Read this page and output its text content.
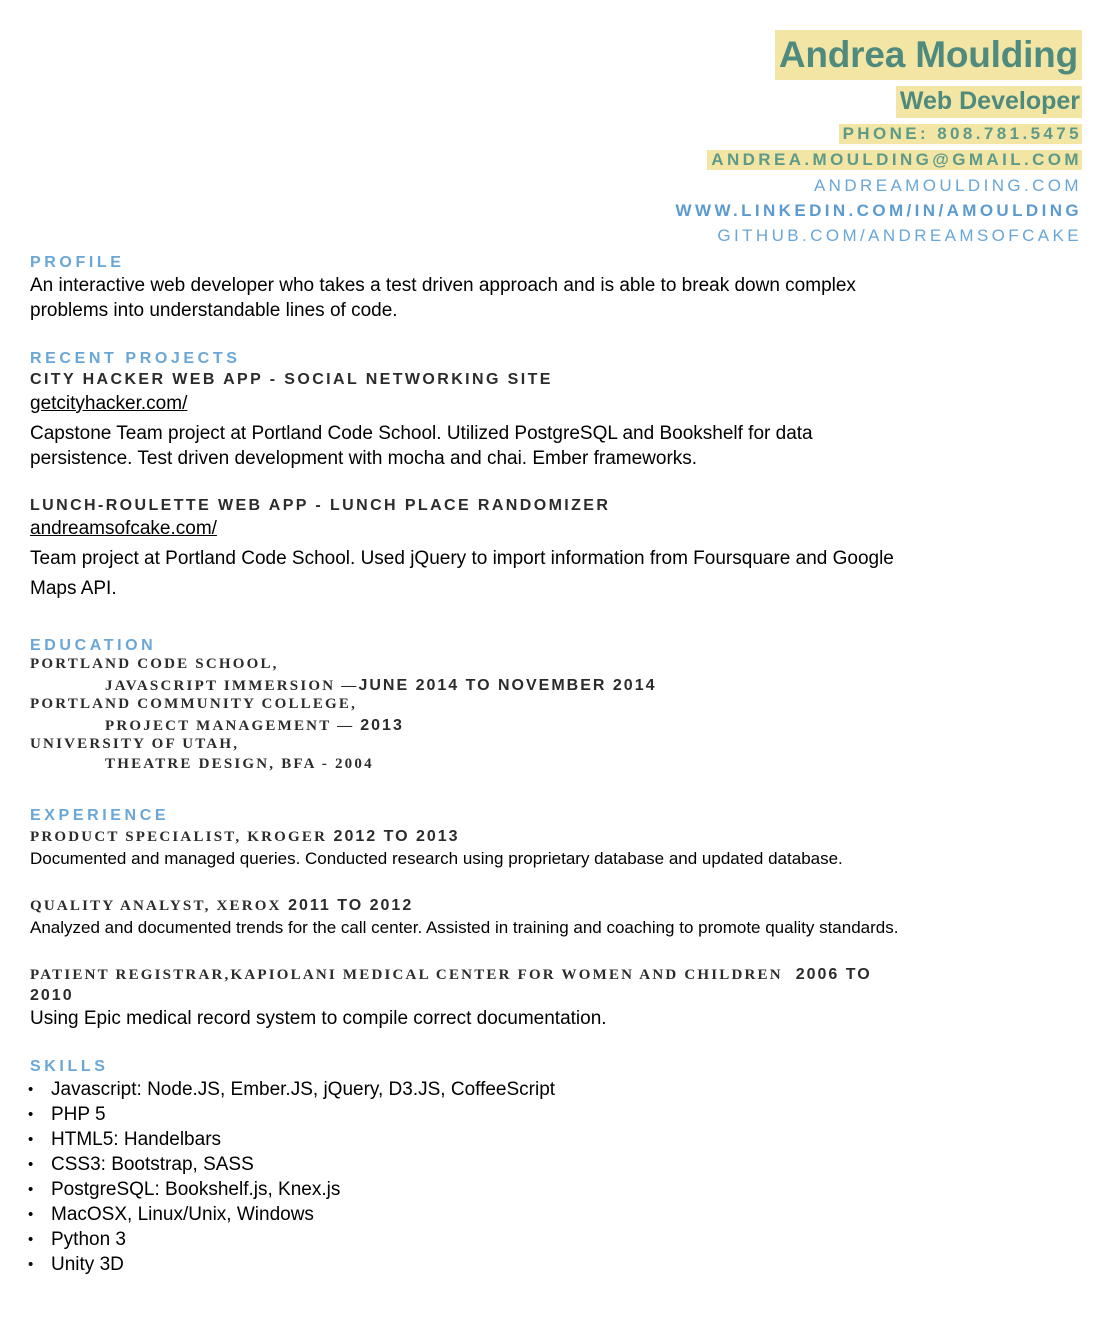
Andrea Moulding
Web Developer
PHONE: 808.781.5475
ANDREA.MOULDING@GMAIL.COM
ANDREAMOULDING.COM
WWW.LINKEDIN.COM/IN/AMOULDING
GITHUB.COM/ANDREAMSOFCAKE
PROFILE
An interactive web developer who takes a test driven approach and is able to break down complex
problems into understandable lines of code.
RECENT PROJECTS
CITY HACKER WEB APP - SOCIAL NETWORKING SITE
getcityhacker.com/
Capstone Team project at Portland Code School. Utilized PostgreSQL and Bookshelf for data
persistence. Test driven development with mocha and chai. Ember frameworks.
LUNCH-ROULETTE WEB APP - LUNCH PLACE RANDOMIZER
andreamsofcake.com/
Team project at Portland Code School. Used jQuery to import information from Foursquare and Google
Maps API.
EDUCATION
PORTLAND CODE SCHOOL,
JAVASCRIPT IMMERSION —JUNE 2014 TO NOVEMBER 2014
PORTLAND COMMUNITY COLLEGE,
PROJECT MANAGEMENT — 2013
UNIVERSITY OF UTAH,
THEATRE DESIGN, BFA - 2004
EXPERIENCE
PRODUCT SPECIALIST, KROGER 2012 TO 2013
Documented and managed queries. Conducted research using proprietary database and updated database.
QUALITY ANALYST, XEROX 2011 TO 2012
Analyzed and documented trends for the call center. Assisted in training and coaching to promote quality standards.
PATIENT REGISTRAR,KAPIOLANI MEDICAL CENTER FOR WOMEN AND CHILDREN  2006 TO
2010
Using Epic medical record system to compile correct documentation.
SKILLS
• Javascript: Node.JS, Ember.JS, jQuery, D3.JS, CoffeeScript
• PHP 5
• HTML5: Handelbars
• CSS3: Bootstrap, SASS
• PostgreSQL: Bookshelf.js, Knex.js
• MacOSX, Linux/Unix, Windows
• Python 3
• Unity 3D
